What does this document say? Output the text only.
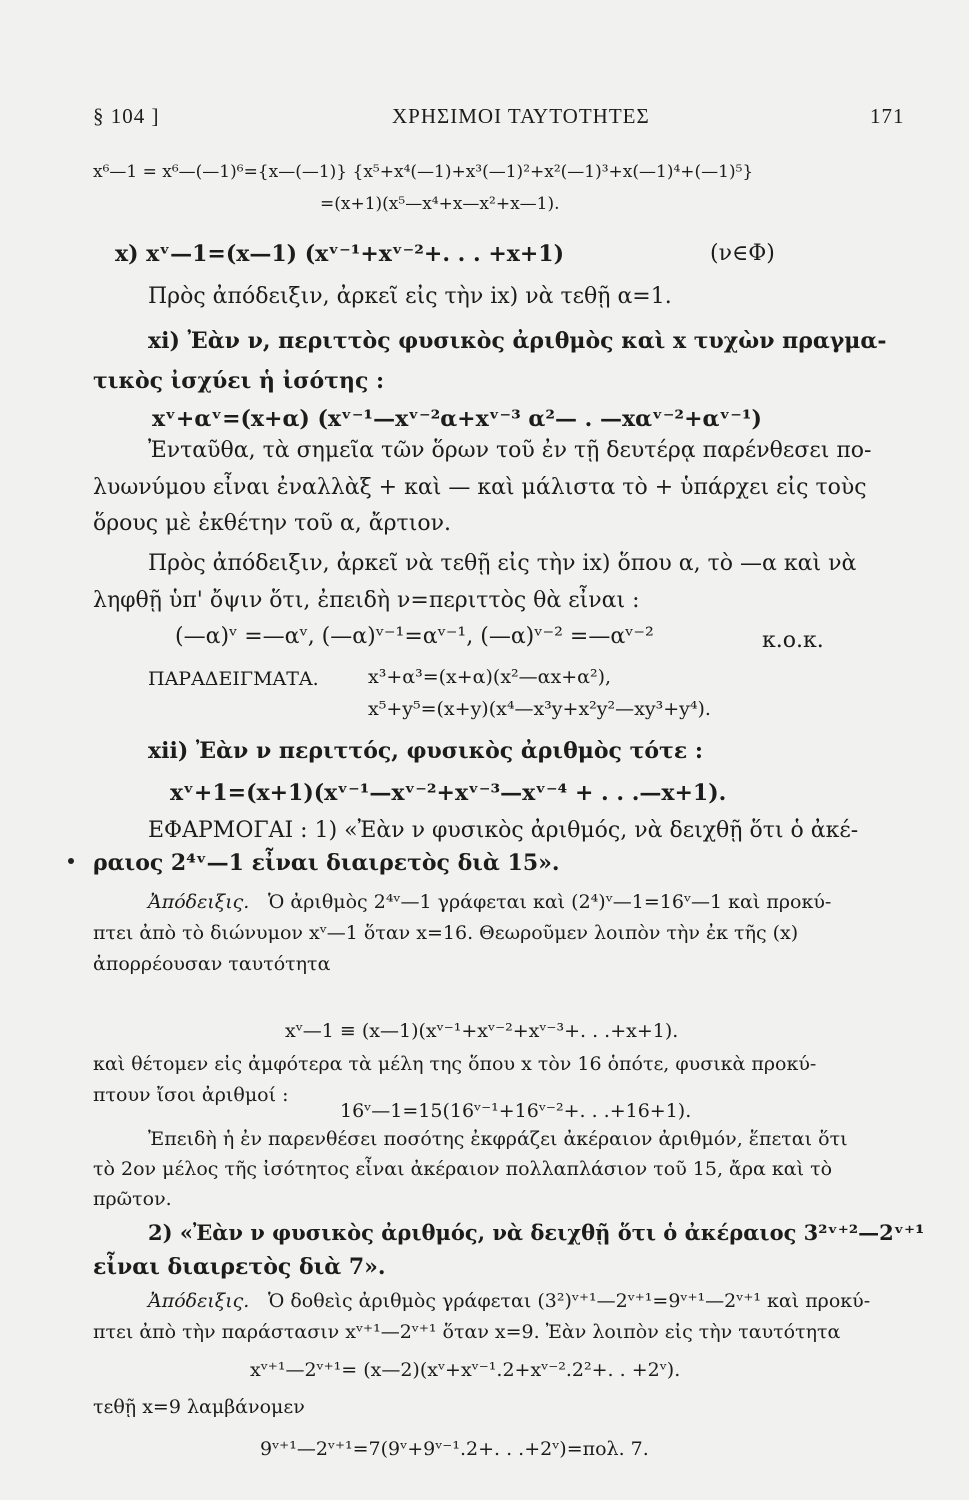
§ 104 ]	ΧΡΗΣΙΜΟΙ ΤΑΥΤΟΤΗΤΕΣ	171
x⁶—1 = x⁶—(—1)⁶={x—(—1)} {x⁵+x⁴(—1)+x³(—1)²+x²(—1)³+x(—1)⁴+(—1)⁵}
=(x+1)(x⁵—x⁴+x—x²+x—1).
x) xᵛ—1=(x—1) (xᵛ⁻¹+xᵛ⁻²+. . . +x+1)	(ν∈Φ)
Πρὸς ἀπόδειξιν, ἀρκεῖ εἰς τὴν ix) νὰ τεθῇ α=1.
xi) Ἐὰν ν, περιττὸς φυσικὸς ἀριθμὸς καὶ x τυχὼν πραγμα-
τικὸς ἰσχύει ἡ ἰσότης :
xᵛ+αᵛ=(x+α) (xᵛ⁻¹—xᵛ⁻²α+xᵛ⁻³ α²— . —xαᵛ⁻²+αᵛ⁻¹)
Ἐνταῦθα, τὰ σημεῖα τῶν ὅρων τοῦ ἐν τῇ δευτέρᾳ παρένθεσει πο-
λυωνύμου εἶναι ἐναλλὰξ + καὶ — καὶ μάλιστα τὸ + ὑπάρχει εἰς τοὺς
ὅρους μὲ ἐκθέτην τοῦ α, ἄρτιον.
Πρὸς ἀπόδειξιν, ἀρκεῖ νὰ τεθῇ εἰς τὴν ix) ὅπου α, τὸ —α καὶ νὰ
ληφθῇ ὑπ' ὄψιν ὅτι, ἐπειδὴ ν=περιττὸς θὰ εἶναι :
(—α)ᵛ =—αᵛ, (—α)ᵛ⁻¹=αᵛ⁻¹, (—α)ᵛ⁻² =—αᵛ⁻²	κ.ο.κ.
ΠΑΡΑΔΕΙΓΜΑΤΑ.	x³+α³=(x+α)(x²—αx+α²),
x⁵+y⁵=(x+y)(x⁴—x³y+x²y²—xy³+y⁴).
xii) Ἐὰν ν περιττός, φυσικὸς ἀριθμὸς τότε :
xᵛ+1=(x+1)(xᵛ⁻¹—xᵛ⁻²+xᵛ⁻³—xᵛ⁻⁴ + . . .—x+1).
ΕΦΑΡΜΟΓΑΙ : 1) «Ἐὰν ν φυσικὸς ἀριθμός, νὰ δειχθῇ ὅτι ὁ ἀκέ-
ραιος 2⁴ᵛ—1 εἶναι διαιρετὸς διὰ 15».
Ἀπόδειξις. Ὁ ἀριθμὸς 2⁴ᵛ—1 γράφεται καὶ (2⁴)ᵛ—1=16ᵛ—1 καὶ προκύ-
πτει ἀπὸ τὸ διώνυμον xᵛ—1 ὅταν x=16. Θεωροῦμεν λοιπὸν τὴν ἐκ τῆς (x)
ἀπορρέουσαν ταυτότητα
xᵛ—1 ≡ (x—1)(xᵛ⁻¹+xᵛ⁻²+xᵛ⁻³+. . .+x+1).
καὶ θέτομεν εἰς ἀμφότερα τὰ μέλη της ὅπου x τὸν 16 ὁπότε, φυσικὰ προκύ-
πτουν ἴσοι ἀριθμοί :
16ᵛ—1=15(16ᵛ⁻¹+16ᵛ⁻²+. . .+16+1).
Ἐπειδὴ ἡ ἐν παρενθέσει ποσότης ἐκφράζει ἀκέραιον ἀριθμόν, ἕπεται ὅτι
τὸ 2ον μέλος τῆς ἰσότητος εἶναι ἀκέραιον πολλαπλάσιον τοῦ 15, ἄρα καὶ τὸ
πρῶτον.
2) «Ἐὰν ν φυσικὸς ἀριθμός, νὰ δειχθῇ ὅτι ὁ ἀκέραιος 3²ᵛ⁺²—2ᵛ⁺¹
εἶναι διαιρετὸς διὰ 7».
Ἀπόδειξις. Ὁ δοθεὶς ἀριθμὸς γράφεται (3²)ᵛ⁺¹—2ᵛ⁺¹=9ᵛ⁺¹—2ᵛ⁺¹ καὶ προκύ-
πτει ἀπὸ τὴν παράστασιν xᵛ⁺¹—2ᵛ⁺¹ ὅταν x=9. Ἐὰν λοιπὸν εἰς τὴν ταυτότητα
xᵛ⁺¹—2ᵛ⁺¹= (x—2)(xᵛ+xᵛ⁻¹.2+xᵛ⁻².2²+. . +2ᵛ).
τεθῇ x=9 λαμβάνομεν
9ᵛ⁺¹—2ᵛ⁺¹=7(9ᵛ+9ᵛ⁻¹.2+. . .+2ᵛ)=πολ. 7.
